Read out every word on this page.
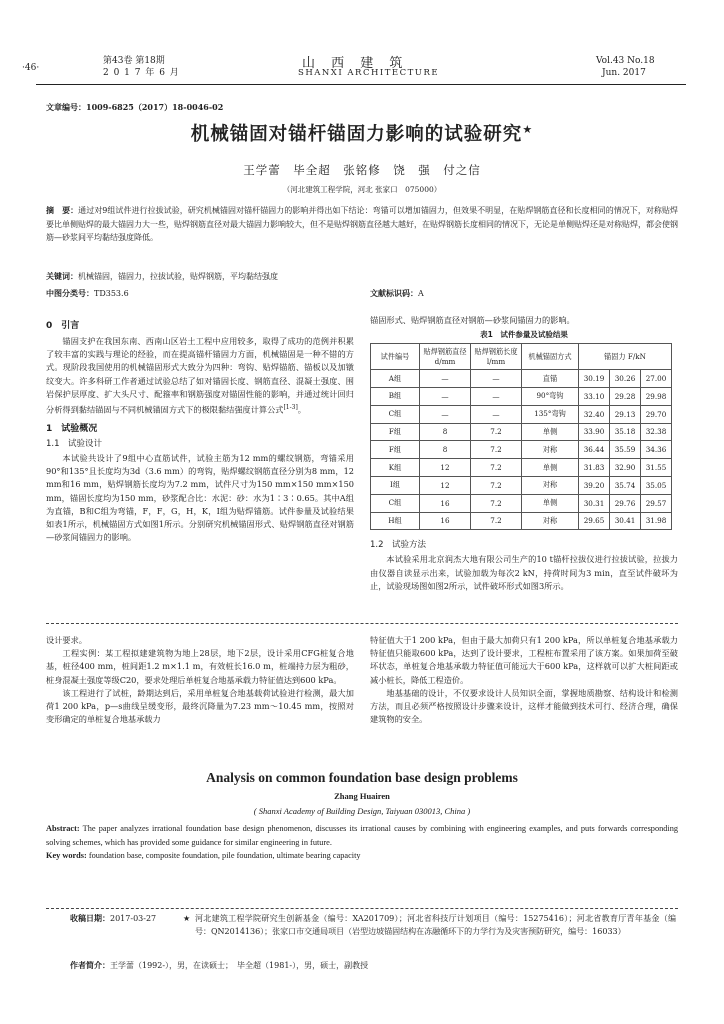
·46·
第43卷 第18期
2 0 1 7 年 6 月
山 西 建 筑
SHANXI ARCHITECTURE
Vol.43 No.18
Jun. 2017
文章编号：1009-6825（2017）18-0046-02
机械锚固对锚杆锚固力影响的试验研究★
王学蕾　毕全超　张铭修　饶　强　付之信
（河北建筑工程学院，河北 张家口　075000）
摘　要：通过对9组试件进行拉拔试验，研究机械锚固对锚杆锚固力的影响并得出如下结论：弯锚可以增加锚固力，但效果不明显，在贴焊钢筋直径和长度相同的情况下，对称贴焊要比单侧贴焊的最大锚固力大一些，贴焊钢筋直径对最大锚固力影响较大，但不是贴焊钢筋直径越大越好，在贴焊钢筋长度相同的情况下，无论是单侧贴焊还是对称贴焊，都会使钢筋—砂浆间平均黏结强度降低。
关键词：机械锚固，锚固力，拉拔试验，贴焊钢筋，平均黏结强度
中图分类号：TD353.6	文献标识码：A
0　引言

锚固支护在我国东南、西南山区岩土工程中应用较多，取得了成功的范例并积累了较丰富的实践与理论的经验，而在提高锚杆锚固力方面，机械锚固是一种不错的方式。现阶段我国使用的机械锚固形式大致分为四种：弯钩、贴焊锚筋、锚板以及加镦纹变大。许多科研工作者通过试验总结了如对锚固长度、钢筋直径、混凝土强度、围岩保护层厚度、扩大头尺寸、配箍率和钢筋强度对锚固性能的影响，并通过统计回归分析得到黏结锚固与不同机械锚固方式下的极限黏结强度计算公式[1-3]。

1　试验概况
1.1　试验设计

本试验共设计了9组中心直筋试件，试验主筋为12 mm的螺纹钢筋，弯锚采用90°和135°且长度均为3d（3.6 mm）的弯钩，贴焊螺纹钢筋直径分别为8 mm，12 mm和16 mm，贴焊钢筋长度均为7.2 mm，试件尺寸为150 mm×150 mm×150 mm，锚固长度均为150 mm，砂浆配合比：水泥：砂：水为1∶3∶0.65。其中A组为直锚，B和C组为弯锚，F，F，G，H，K，I组为贴焊锚筋。试件参量及试验结果如表1所示，机械锚固方式如图1所示。分别研究机械锚固形式、贴焊钢筋直径对钢筋—砂浆间锚固力的影响。

锚固形式、贴焊钢筋直径对钢筋—砂浆间锚固力的影响。

表1　试件参量及试验结果
试件编号	贴焊钢筋直径 d/mm	贴焊钢筋长度 l/mm	机械锚固方式	锚固力 F/kN		
A组	—	—	直锚	30.19	30.26	27.00
B组	—	—	90°弯钩	33.10	29.28	29.98
C组	—	—	135°弯钩	32.40	29.13	29.70
F组	8	7.2	单侧	33.90	35.18	32.38
F组	8	7.2	对称	36.44	35.59	34.36
K组	12	7.2	单侧	31.83	32.90	31.55
I组	12	7.2	对称	39.20	35.74	35.05
C组	16	7.2	单侧	30.31	29.76	29.57
H组	16	7.2	对称	29.65	30.41	31.98
1.2　试验方法

本试验采用北京润杰大地有限公司生产的10 t锚杆拉拔仪进行拉拔试验，拉拔力由仪器自读显示出来，试验加载为每次2 kN，持荷时间为3 min，直至试件破坏为止，试验现场图如图2所示，试件破坏形式如图3所示。

设计要求。

工程实例：某工程拟建建筑物为地上28层，地下2层，设计采用CFG桩复合地基，桩径400 mm，桩间距1.2 m×1.1 m，有效桩长16.0 m，桩端持力层为粗砂，桩身混凝土强度等级C20，要求处理后单桩复合地基承载力特征值达到600 kPa。

该工程进行了试桩，龄期达到后，采用单桩复合地基载荷试验进行检测，最大加荷1 200 kPa，p—s曲线呈缓变形，最终沉降量为7.23 mm～10.45 mm，按照对变形确定的单桩复合地基承载力

特征值大于1 200 kPa，但由于最大加荷只有1 200 kPa，所以单桩复合地基承载力特征值只能取600 kPa，达到了设计要求，工程桩布置采用了该方案。如果加荷至破坏状态，单桩复合地基承载力特征值可能远大于600 kPa，这样就可以扩大桩间距或减小桩长，降低工程造价。

地基基础的设计，不仅要求设计人员知识全面，掌握地质勘察、结构设计和检测方法，而且必须严格按照设计步骤来设计，这样才能做到技术可行、经济合理，确保建筑物的安全。

Analysis on common foundation base design problems
Zhang Huairen
( Shanxi Academy of Building Design, Taiyuan 030013, China )
Abstract: The paper analyzes irrational foundation base design phenomenon, discusses its irrational causes by combining with engineering examples, and puts forwards corresponding solving schemes, which has provided some guidance for similar engineering in future.
Key words: foundation base, composite foundation, pile foundation, ultimate bearing capacity
收稿日期：2017-03-27	★ 河北建筑工程学院研究生创新基金（编号：XA201709）；河北省科技厅计划项目（编号：15275416）；河北省教育厅青年基金（编号：QN2014136）；张家口市交通局项目（岩型边坡锚固结构在冻融循环下的力学行为及灾害预防研究，编号：16033）
作者简介：王学蕾（1992-），男，在读硕士；　毕全超（1981-），男，硕士，副教授
